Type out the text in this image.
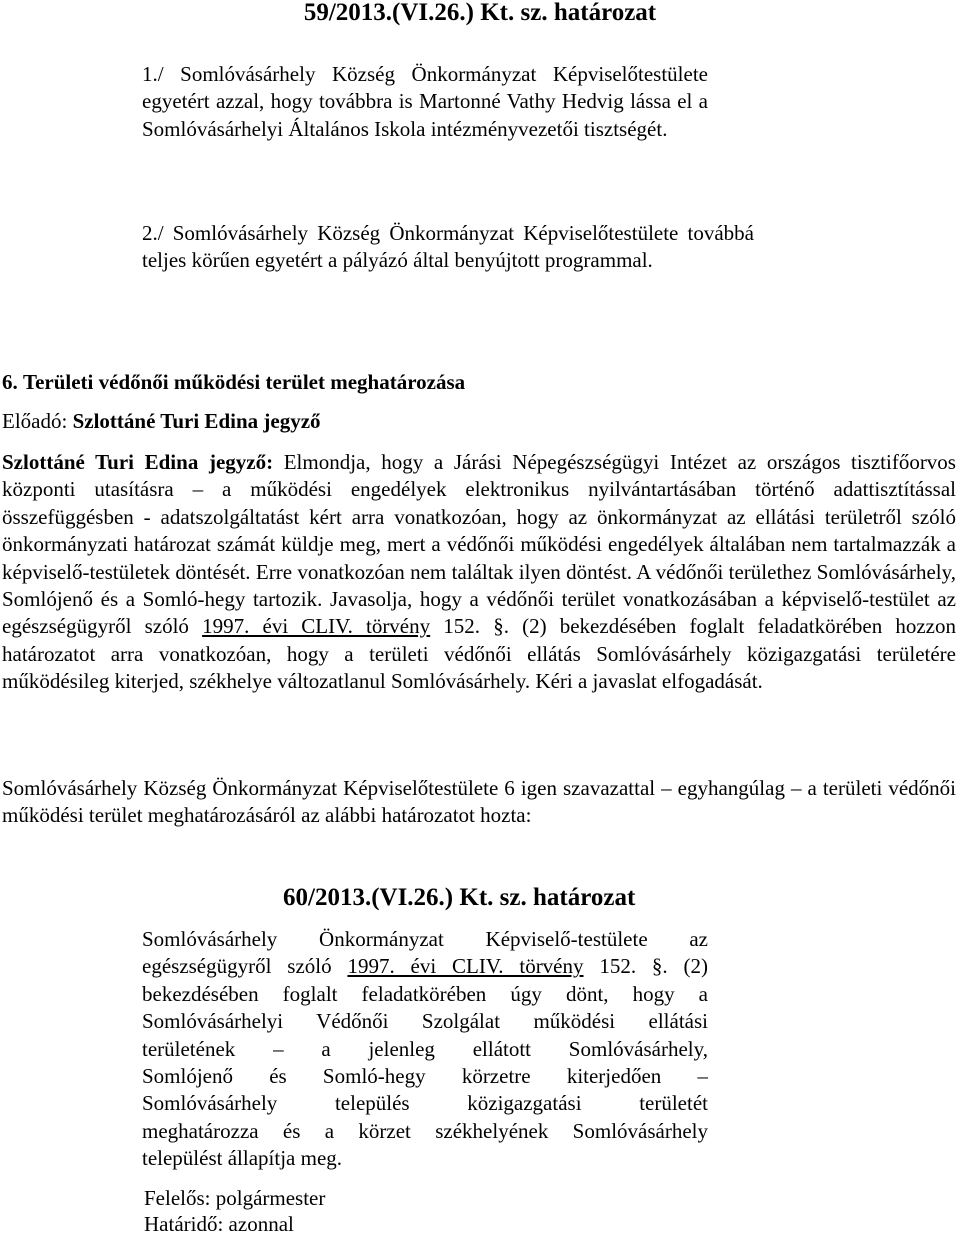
59/2013.(VI.26.) Kt. sz. határozat

1./ Somlóvásárhely Község Önkormányzat Képviselőtestülete egyetért azzal, hogy továbbra is Martonné Vathy Hedvig lássa el a Somlóvásárhelyi Általános Iskola intézményvezetői tisztségét.

2./ Somlóvásárhely Község Önkormányzat Képviselőtestülete továbbá teljes körűen egyetért a pályázó által benyújtott programmal.

6. Területi védőnői működési terület meghatározása
Előadó: Szlottáné Turi Edina jegyző

Szlottáné Turi Edina jegyző: Elmondja, hogy a Járási Népegészségügyi Intézet az országos tisztifőorvos központi utasításra – a működési engedélyek elektronikus nyilvántartásában történő adattisztítással összefüggésben - adatszolgáltatást kért arra vonatkozóan, hogy az önkormányzat az ellátási területről szóló önkormányzati határozat számát küldje meg, mert a védőnői működési engedélyek általában nem tartalmazzák a képviselő-testületek döntését. Erre vonatkozóan nem találtak ilyen döntést. A védőnői területhez Somlóvásárhely, Somlójenő és a Somló-hegy tartozik. Javasolja, hogy a védőnői terület vonatkozásában a képviselő-testület az egészségügyről szóló 1997. évi CLIV. törvény 152. §. (2) bekezdésében foglalt feladatkörében hozzon határozatot arra vonatkozóan, hogy a területi védőnői ellátás Somlóvásárhely közigazgatási területére működésileg kiterjed, székhelye változatlanul Somlóvásárhely. Kéri a javaslat elfogadását.

Somlóvásárhely Község Önkormányzat Képviselőtestülete 6 igen szavazattal – egyhangúlag – a területi védőnői működési terület meghatározásáról az alábbi határozatot hozta:

60/2013.(VI.26.) Kt. sz. határozat
Somlóvásárhely Önkormányzat Képviselő-testülete az
egészségügyről szóló 1997. évi CLIV. törvény 152. §. (2)
bekezdésében foglalt feladatkörében úgy dönt, hogy a
Somlóvásárhelyi Védőnői Szolgálat működési ellátási
területének – a jelenleg ellátott Somlóvásárhely,
Somlójenő és Somló-hegy körzetre kiterjedően –
Somlóvásárhely település közigazgatási területét
meghatározza és a körzet székhelyének Somlóvásárhely
települést állapítja meg.
Felelős: polgármester
Határidő: azonnal
